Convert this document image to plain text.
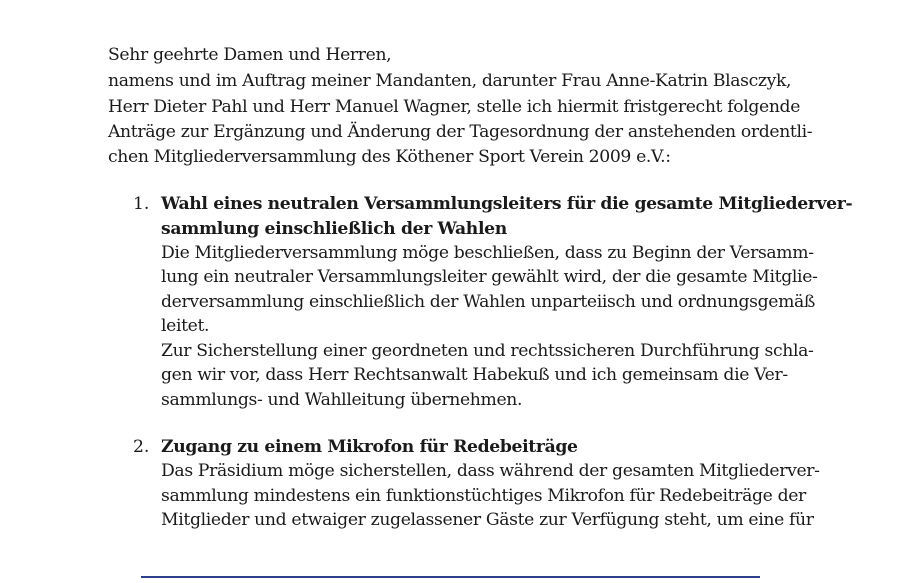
Sehr geehrte Damen und Herren,
namens und im Auftrag meiner Mandanten, darunter Frau Anne-Katrin Blasczyk,
Herr Dieter Pahl und Herr Manuel Wagner, stelle ich hiermit fristgerecht folgende
Anträge zur Ergänzung und Änderung der Tagesordnung der anstehenden ordentli-
chen Mitgliederversammlung des Köthener Sport Verein 2009 e.V.:
1. Wahl eines neutralen Versammlungsleiters für die gesamte Mitgliederver-
sammlung einschließlich der Wahlen
Die Mitgliederversammlung möge beschließen, dass zu Beginn der Versamm-
lung ein neutraler Versammlungsleiter gewählt wird, der die gesamte Mitglie-
derversammlung einschließlich der Wahlen unparteiisch und ordnungsgemäß
leitet.
Zur Sicherstellung einer geordneten und rechtssicheren Durchführung schla-
gen wir vor, dass Herr Rechtsanwalt Habekuß und ich gemeinsam die Ver-
sammlungs- und Wahlleitung übernehmen.
2. Zugang zu einem Mikrofon für Redebeiträge
Das Präsidium möge sicherstellen, dass während der gesamten Mitgliederver-
sammlung mindestens ein funktionstüchtiges Mikrofon für Redebeiträge der
Mitglieder und etwaiger zugelassener Gäste zur Verfügung steht, um eine für
